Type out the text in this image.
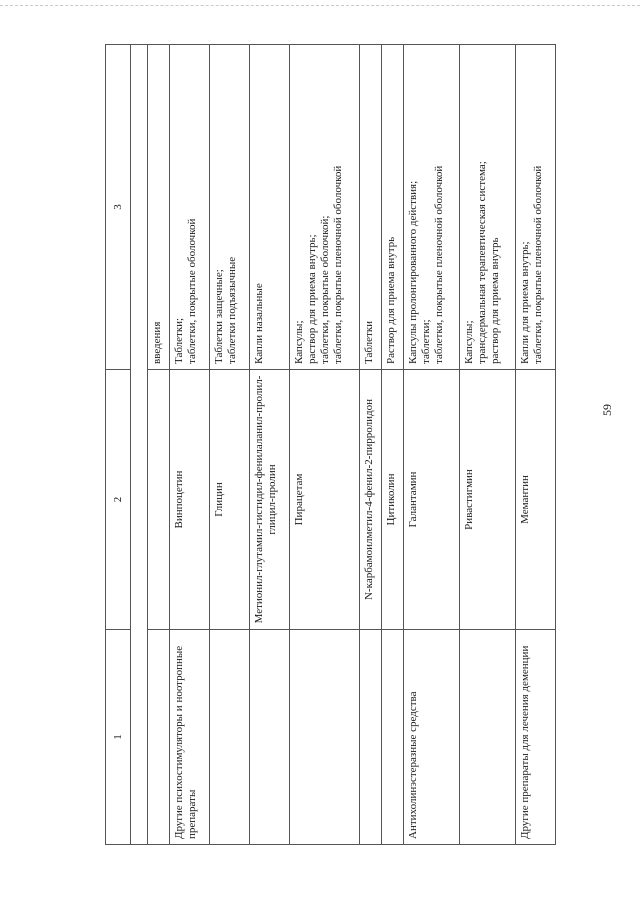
59
1	2	3

		введения

Другие психостимуляторы и ноотропные препараты	Винпоцетин	Таблетки; таблетки, покрытые оболочкой

	Глицин	Таблетки защечные; таблетки подъязычные

	Метионил-глутамил-гистидил-фенилаланил-пролил-глицил-пролин	Капли назальные

	Пирацетам	Капсулы; раствор для приема внутрь; таблетки, покрытые оболочкой; таблетки, покрытые пленочной оболочкой

	N-карбамоилметил-4-фенил-2-пирролидон	Таблетки

	Цитиколин	Раствор для приема внутрь

Антихолинэстеразные средства	Галантамин	Капсулы пролонгированного действия; таблетки; таблетки, покрытые пленочной оболочкой

	Ривастигмин	Капсулы; трансдермальная терапевтическая система; раствор для приема внутрь

Другие препараты для лечения деменции	Мемантин	Капли для приема внутрь; таблетки, покрытые пленочной оболочкой
